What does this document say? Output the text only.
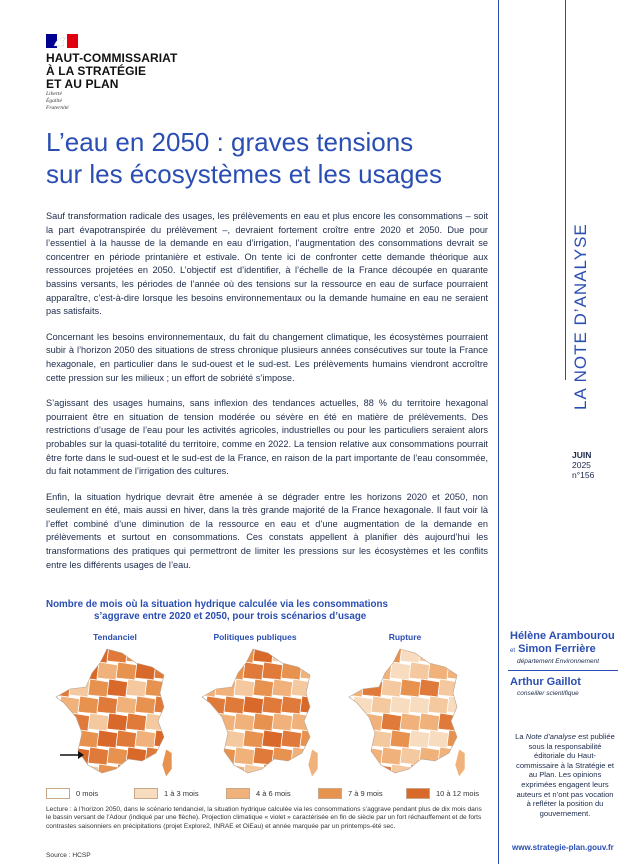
HAUT-COMMISSARIAT
À LA STRATÉGIE
ET AU PLAN
Liberté
Égalité
Fraternité
L’eau en 2050 : graves tensions
sur les écosystèmes et les usages

Sauf transformation radicale des usages, les prélèvements en eau et plus encore les consommations – soit la part évapotranspirée du prélèvement –, devraient fortement croître entre 2020 et 2050. Due pour l’essentiel à la hausse de la demande en eau d’irrigation, l’augmentation des consommations devrait se concentrer en période printanière et estivale. On tente ici de confronter cette demande théorique aux ressources projetées en 2050. L’objectif est d’identifier, à l’échelle de la France découpée en quarante bassins versants, les périodes de l’année où des tensions sur la ressource en eau de surface pourraient apparaître, c’est-à-dire lorsque les besoins environnementaux ou la demande humaine en eau ne seraient pas satisfaits.

Concernant les besoins environnementaux, du fait du changement climatique, les écosystèmes pourraient subir à l’horizon 2050 des situations de stress chronique plusieurs années consécutives sur toute la France hexagonale, en particulier dans le sud-ouest et le sud-est. Les prélèvements humains viendront accroître cette pression sur les milieux ; un effort de sobriété s’impose.

S’agissant des usages humains, sans inflexion des tendances actuelles, 88 % du territoire hexagonal pourraient être en situation de tension modérée ou sévère en été en matière de prélèvements. Des restrictions d’usage de l’eau pour les activités agricoles, industrielles ou pour les particuliers seraient alors probables sur la quasi-totalité du territoire, comme en 2022. La tension relative aux consommations pourrait être forte dans le sud-ouest et le sud-est de la France, en raison de la part importante de l’eau consommée, du fait notamment de l’irrigation des cultures.

Enfin, la situation hydrique devrait être amenée à se dégrader entre les horizons 2020 et 2050, non seulement en été, mais aussi en hiver, dans la très grande majorité de la France hexagonale. Il faut voir là l’effet combiné d’une diminution de la ressource en eau et d’une augmentation de la demande en prélèvements et surtout en consommations. Ces constats appellent à planifier dès aujourd’hui les transformations des pratiques qui permettront de limiter les pressions sur les écosystèmes et les conflits entre les différents usages de l’eau.

LA NOTE D’ANALYSE
JUIN
2025
n°156
Hélène Arambourou
et Simon Ferrière
département Environnement
Arthur Gaillot
conseiller scientifique
La Note d’analyse est publiée sous la responsabilité éditoriale du Haut-commissaire à la Stratégie et au Plan. Les opinions exprimées engagent leurs auteurs et n’ont pas vocation à refléter la position du gouvernement.
www.strategie-plan.gouv.fr
Nombre de mois où la situation hydrique calculée via les consommations
s’aggrave entre 2020 et 2050, pour trois scénarios d’usage
Tendanciel	Politiques publiques	Rupture
0 mois	1 à 3 mois	4 à 6 mois	7 à 9 mois	10 à 12 mois
Lecture : à l’horizon 2050, dans le scénario tendanciel, la situation hydrique calculée via les consommations s’aggrave pendant plus de dix mois dans le bassin versant de l’Adour (indiqué par une flèche). Projection climatique « violet » caractérisée en fin de siècle par un fort réchauffement et de forts contrastes saisonniers en précipitations (projet Explore2, INRAE et OiEau) et année marquée par un printemps-été sec.
Source : HCSP
